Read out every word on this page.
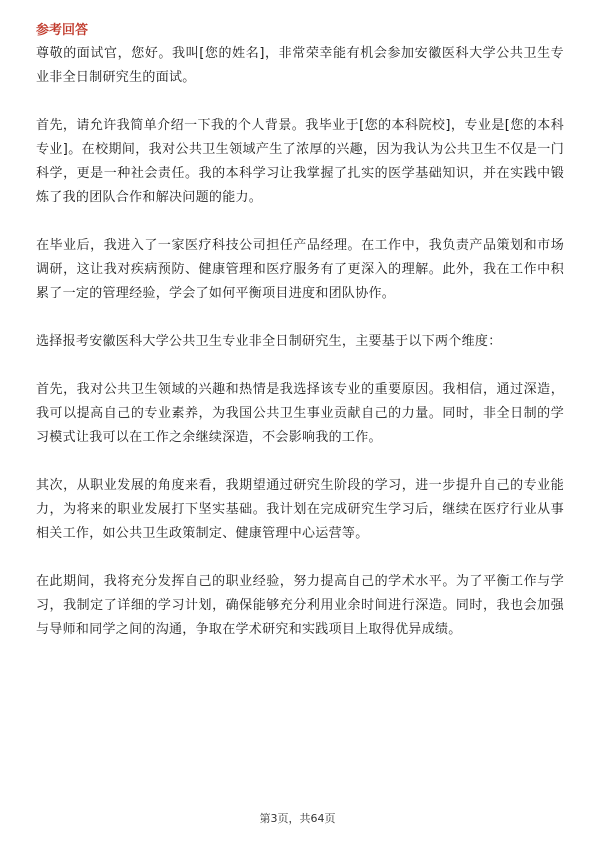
参考回答

尊敬的面试官，您好。我叫[您的姓名]，非常荣幸能有机会参加安徽医科大学公共卫生专业非全日制研究生的面试。

首先，请允许我简单介绍一下我的个人背景。我毕业于[您的本科院校]，专业是[您的本科专业]。在校期间，我对公共卫生领域产生了浓厚的兴趣，因为我认为公共卫生不仅是一门科学，更是一种社会责任。我的本科学习让我掌握了扎实的医学基础知识，并在实践中锻炼了我的团队合作和解决问题的能力。

在毕业后，我进入了一家医疗科技公司担任产品经理。在工作中，我负责产品策划和市场调研，这让我对疾病预防、健康管理和医疗服务有了更深入的理解。此外，我在工作中积累了一定的管理经验，学会了如何平衡项目进度和团队协作。

选择报考安徽医科大学公共卫生专业非全日制研究生，主要基于以下两个维度：

首先，我对公共卫生领域的兴趣和热情是我选择该专业的重要原因。我相信，通过深造，我可以提高自己的专业素养，为我国公共卫生事业贡献自己的力量。同时，非全日制的学习模式让我可以在工作之余继续深造，不会影响我的工作。

其次，从职业发展的角度来看，我期望通过研究生阶段的学习，进一步提升自己的专业能力，为将来的职业发展打下坚实基础。我计划在完成研究生学习后，继续在医疗行业从事相关工作，如公共卫生政策制定、健康管理中心运营等。

在此期间，我将充分发挥自己的职业经验，努力提高自己的学术水平。为了平衡工作与学习，我制定了详细的学习计划，确保能够充分利用业余时间进行深造。同时，我也会加强与导师和同学之间的沟通，争取在学术研究和实践项目上取得优异成绩。

第3页，共64页
